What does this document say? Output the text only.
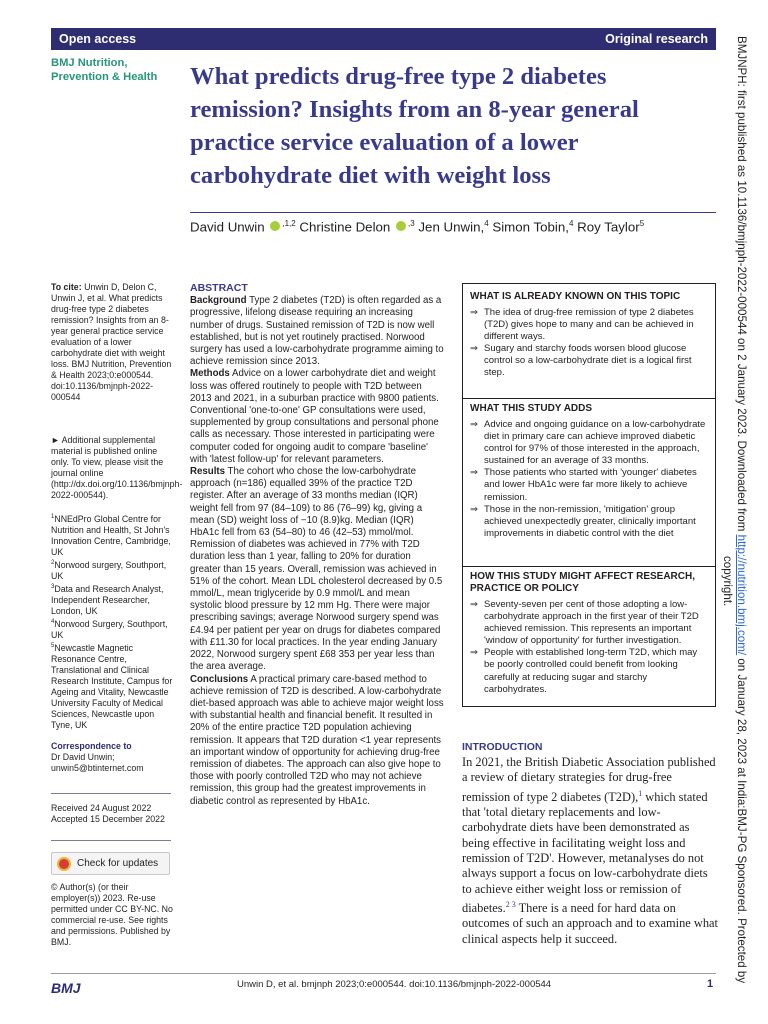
Open access	Original research
BMJ Nutrition,
Prevention & Health What predicts drug-free type 2 diabetes remission? Insights from an 8-year general practice service evaluation of a lower carbohydrate diet with weight loss
David Unwin $^{,1,2}$ Christine Delon $^{,3}$ Jen Unwin,$^4$ Simon Tobin,$^4$ Roy Taylor$^5$

To cite: Unwin D, Delon C, Unwin J, et al. What predicts drug-free type 2 diabetes remission? Insights from an 8-year general practice service evaluation of a lower carbohydrate diet with weight loss. BMJ Nutrition, Prevention & Health 2023;0:e000544. doi:10.1136/bmjnph-2022-000544

► Additional supplemental material is published online only. To view, please visit the journal online (http://dx.doi.org/10.1136/bmjnph-2022-000544).

$^1$NNEdPro Global Centre for Nutrition and Health, St John's Innovation Centre, Cambridge, UK

$^2$Norwood surgery, Southport, UK

$^3$Data and Research Analyst, Independent Researcher, London, UK

$^4$Norwood Surgery, Southport, UK

$^5$Newcastle Magnetic Resonance Centre, Translational and Clinical Research Institute, Campus for Ageing and Vitality, Newcastle University Faculty of Medical Sciences, Newcastle upon Tyne, UK

Correspondence to

Dr David Unwin;

unwin5@btinternet.com

Received 24 August 2022

Accepted 15 December 2022

Check for updates

© Author(s) (or their employer(s)) 2023. Re-use permitted under CC BY-NC. No commercial re-use. See rights and permissions. Published by BMJ.

ABSTRACT

Background Type 2 diabetes (T2D) is often regarded as a progressive, lifelong disease requiring an increasing number of drugs. Sustained remission of T2D is now well established, but is not yet routinely practised. Norwood surgery has used a low-carbohydrate programme aiming to achieve remission since 2013.

Methods Advice on a lower carbohydrate diet and weight loss was offered routinely to people with T2D between 2013 and 2021, in a suburban practice with 9800 patients. Conventional 'one-to-one' GP consultations were used, supplemented by group consultations and personal phone calls as necessary. Those interested in participating were computer coded for ongoing audit to compare 'baseline' with 'latest follow-up' for relevant parameters.

Results The cohort who chose the low-carbohydrate approach (n=186) equalled 39% of the practice T2D register. After an average of 33 months median (IQR) weight fell from 97 (84–109) to 86 (76–99) kg, giving a mean (SD) weight loss of −10 (8.9)kg. Median (IQR) HbA1c fell from 63 (54–80) to 46 (42–53) mmol/mol. Remission of diabetes was achieved in 77% with T2D duration less than 1 year, falling to 20% for duration greater than 15 years. Overall, remission was achieved in 51% of the cohort. Mean LDL cholesterol decreased by 0.5 mmol/L, mean triglyceride by 0.9 mmol/L and mean systolic blood pressure by 12 mm Hg. There were major prescribing savings; average Norwood surgery spend was £4.94 per patient per year on drugs for diabetes compared with £11.30 for local practices. In the year ending January 2022, Norwood surgery spent £68 353 per year less than the area average.

Conclusions A practical primary care-based method to achieve remission of T2D is described. A low-carbohydrate diet-based approach was able to achieve major weight loss with substantial health and financial benefit. It resulted in 20% of the entire practice T2D population achieving remission. It appears that T2D duration <1 year represents an important window of opportunity for achieving drug-free remission of diabetes. The approach can also give hope to those with poorly controlled T2D who may not achieve remission, this group had the greatest improvements in diabetic control as represented by HbA1c.

WHAT IS ALREADY KNOWN ON THIS TOPIC

⇒ The idea of drug-free remission of type 2 diabetes (T2D) gives hope to many and can be achieved in different ways.
⇒ Sugary and starchy foods worsen blood glucose control so a low-carbohydrate diet is a logical first step.

WHAT THIS STUDY ADDS

⇒ Advice and ongoing guidance on a low-carbohydrate diet in primary care can achieve improved diabetic control for 97% of those interested in the approach, sustained for an average of 33 months.
⇒ Those patients who started with 'younger' diabetes and lower HbA1c were far more likely to achieve remission.
⇒ Those in the non-remission, 'mitigation' group achieved unexpectedly greater, clinically important improvements in diabetic control with the diet

HOW THIS STUDY MIGHT AFFECT RESEARCH, PRACTICE OR POLICY

⇒ Seventy-seven per cent of those adopting a low-carbohydrate approach in the first year of their T2D achieved remission. This represents an important 'window of opportunity' for further investigation.
⇒ People with established long-term T2D, which may be poorly controlled could benefit from looking carefully at reducing sugar and starchy carbohydrates.
INTRODUCTION

In 2021, the British Diabetic Association published a review of dietary strategies for drug-free remission of type 2 diabetes (T2D),$^1$ which stated that 'total dietary replacements and low-carbohydrate diets have been demonstrated as being effective in facilitating weight loss and remission of T2D'. However, metanalyses do not always support a focus on low-carbohydrate diets to achieve either weight loss or remission of diabetes.$^{2 3}$ There is a need for hard data on outcomes of such an approach and to examine what clinical aspects help it succeed.

BMJ	Unwin D, et al. bmjnph 2023;0:e000544. doi:10.1136/bmjnph-2022-000544	1
BMJNPH: first published as 10.1136/bmjnph-2022-000544 on 2 January 2023. Downloaded from http://nutrition.bmj.com/ on January 28, 2023 at India:BMJ-PG Sponsored. Protected by
copyright.
